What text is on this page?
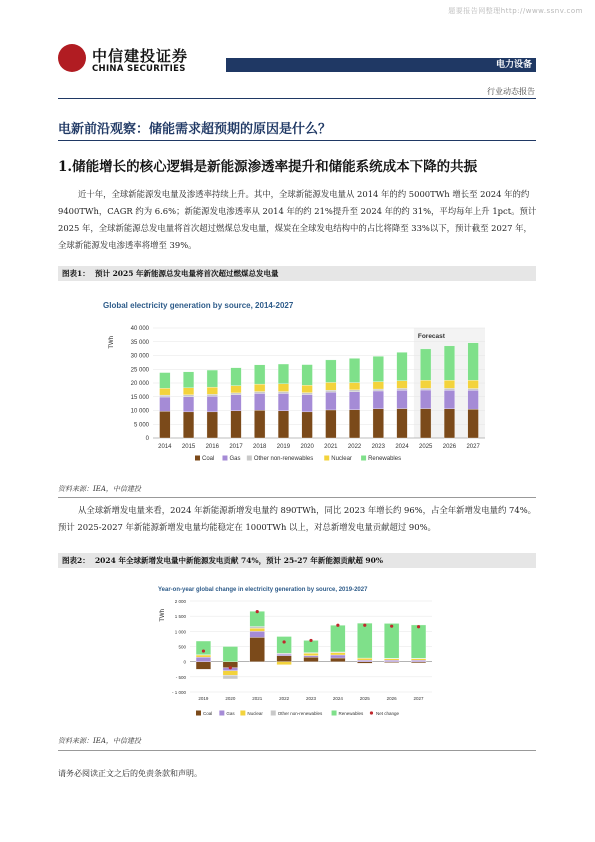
题要报告网整理http://www.ssnv.com
中信建投证券
CHINA SECURITIES	电力设备
行业动态报告
电新前沿观察：储能需求超预期的原因是什么？
1.储能增长的核心逻辑是新能源渗透率提升和储能系统成本下降的共振
近十年，全球新能源发电量及渗透率持续上升。其中，全球新能源发电量从 2014 年的约 5000TWh 增长至 2024 年的约 9400TWh，CAGR 约为 6.6%；新能源发电渗透率从 2014 年的约 21%提升至 2024 年的约 31%，平均每年上升 1pct。预计 2025 年，全球新能源总发电量将首次超过燃煤总发电量，煤炭在全球发电结构中的占比将降至 33%以下，预计截至 2027 年，全球新能源发电渗透率将增至 39%。
图表1： 预计 2025 年新能源总发电量将首次超过燃煤总发电量
Global electricity generation by source, 2014-2027
TWh
0
5 000
10 000
15 000
20 000
25 000
30 000
35 000
40 000
2014 2015 2016 2017 2018 2019 2020 2021 2022 2023 2024 2025 2026 2027
Forecast
Coal	Gas Other non-renewables	Nuclear	Renewables
资料来源：IEA，中信建投
从全球新增发电量来看，2024 年新能源新增发电量约 890TWh，同比 2023 年增长约 96%，占全年新增发电量约 74%。预计 2025-2027 年新能源新增发电量均能稳定在 1000TWh 以上，对总新增发电量贡献超过 90%。
图表2： 2024 年全球新增发电量中新能源发电贡献 74%，预计 25-27 年新能源贡献超 90%
Year-on-year global change in electricity generation by source, 2019-2027
TWh
- 1 000
- 500
0
500
1 000
1 500
2 000
2019	2020	2021	2022	2023	2024	2025	2026	2027
Coal	Gas	Nuclear	Other non-renewables	Renewables	Net change
资料来源：IEA，中信建投
请务必阅读正文之后的免责条款和声明。
